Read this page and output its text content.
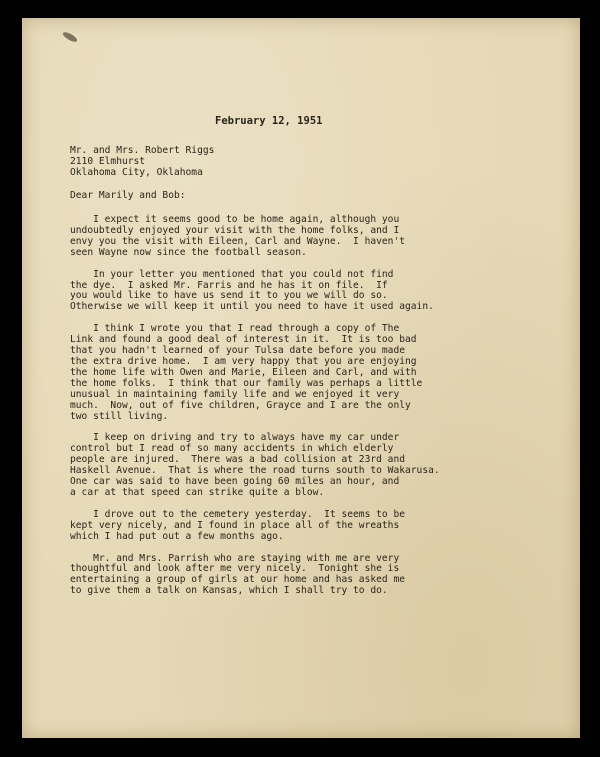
February 12, 1951
Mr. and Mrs. Robert Riggs
2110 Elmhurst
Oklahoma City, Oklahoma
Dear Marily and Bob:
I expect it seems good to be home again, although you
undoubtedly enjoyed your visit with the home folks, and I
envy you the visit with Eileen, Carl and Wayne.  I haven't
seen Wayne now since the football season.
In your letter you mentioned that you could not find
the dye.  I asked Mr. Farris and he has it on file.  If
you would like to have us send it to you we will do so.
Otherwise we will keep it until you need to have it used again.
I think I wrote you that I read through a copy of The
Link and found a good deal of interest in it.  It is too bad
that you hadn't learned of your Tulsa date before you made
the extra drive home.  I am very happy that you are enjoying
the home life with Owen and Marie, Eileen and Carl, and with
the home folks.  I think that our family was perhaps a little
unusual in maintaining family life and we enjoyed it very
much.  Now, out of five children, Grayce and I are the only
two still living.
I keep on driving and try to always have my car under
control but I read of so many accidents in which elderly
people are injured.  There was a bad collision at 23rd and
Haskell Avenue.  That is where the road turns south to Wakarusa.
One car was said to have been going 60 miles an hour, and
a car at that speed can strike quite a blow.
I drove out to the cemetery yesterday.  It seems to be
kept very nicely, and I found in place all of the wreaths
which I had put out a few months ago.
Mr. and Mrs. Parrish who are staying with me are very
thoughtful and look after me very nicely.  Tonight she is
entertaining a group of girls at our home and has asked me
to give them a talk on Kansas, which I shall try to do.
